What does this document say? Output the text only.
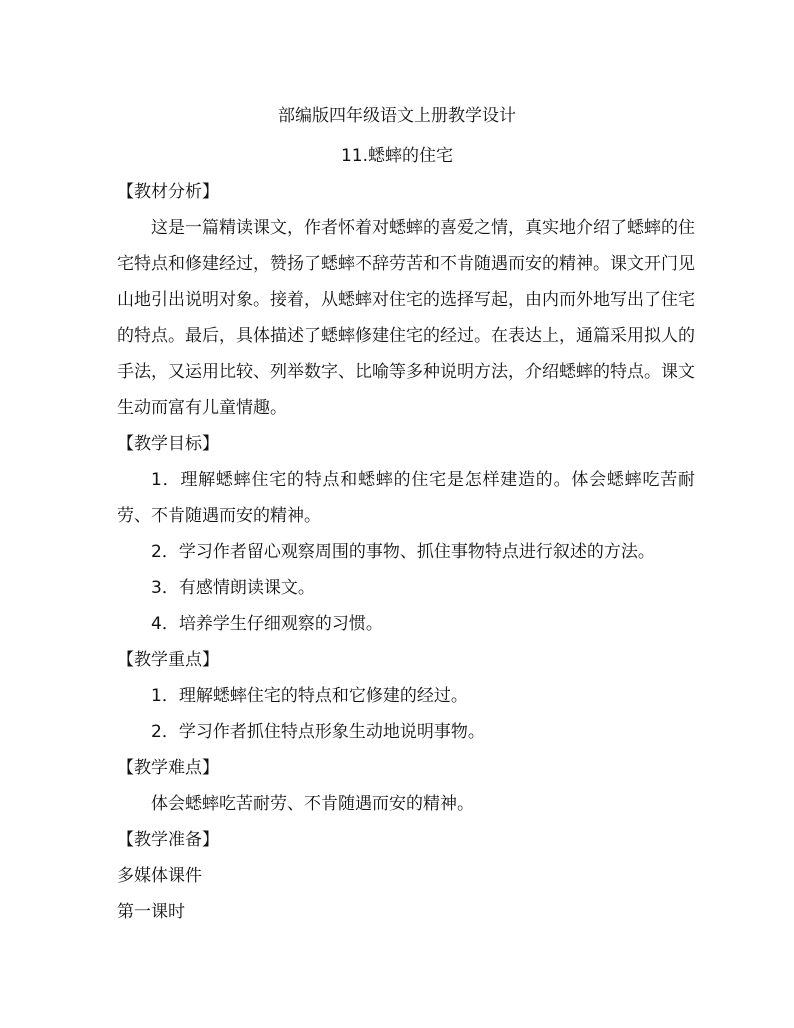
部编版四年级语文上册教学设计
11.蟋蟀的住宅
【教材分析】
这是一篇精读课文，作者怀着对蟋蟀的喜爱之情，真实地介绍了蟋蟀的住宅特点和修建经过，赞扬了蟋蟀不辞劳苦和不肯随遇而安的精神。课文开门见山地引出说明对象。接着，从蟋蟀对住宅的选择写起，由内而外地写出了住宅的特点。最后，具体描述了蟋蟀修建住宅的经过。在表达上，通篇采用拟人的手法，又运用比较、列举数字、比喻等多种说明方法，介绍蟋蟀的特点。课文生动而富有儿童情趣。
【教学目标】
1．理解蟋蟀住宅的特点和蟋蟀的住宅是怎样建造的。体会蟋蟀吃苦耐劳、不肯随遇而安的精神。
2．学习作者留心观察周围的事物、抓住事物特点进行叙述的方法。
3．有感情朗读课文。
4．培养学生仔细观察的习惯。
【教学重点】
1．理解蟋蟀住宅的特点和它修建的经过。
2．学习作者抓住特点形象生动地说明事物。
【教学难点】
体会蟋蟀吃苦耐劳、不肯随遇而安的精神。
【教学准备】
多媒体课件
第一课时
